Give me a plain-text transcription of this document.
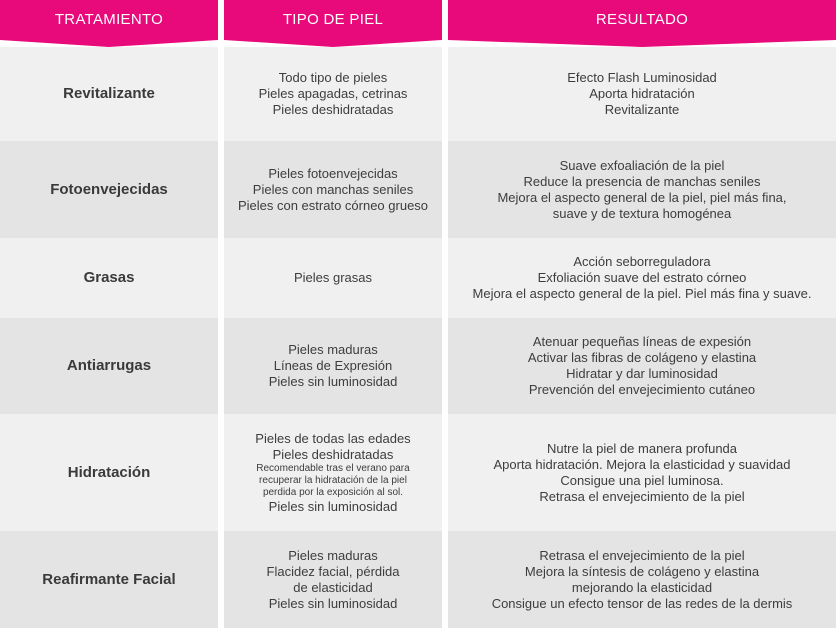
TRATAMIENTO
Revitalizante
Fotoenvejecidas
Grasas
Antiarrugas
Hidratación
Reafirmante Facial
TIPO DE PIEL
Todo tipo de pieles
Pieles apagadas, cetrinas
Pieles deshidratadas
Pieles fotoenvejecidas
Pieles con manchas seniles
Pieles con estrato córneo grueso
Pieles grasas
Pieles maduras
Líneas de Expresión
Pieles sin luminosidad
Pieles de todas las edades
Pieles deshidratadas
Recomendable tras el verano para
recuperar la hidratación de la piel
perdida por la exposición al sol.
Pieles sin luminosidad
Pieles maduras
Flacidez facial, pérdida
de elasticidad
Pieles sin luminosidad
RESULTADO
Efecto Flash Luminosidad
Aporta hidratación
Revitalizante
Suave exfoaliación de la piel
Reduce la presencia de manchas seniles
Mejora el aspecto general de la piel, piel más fina,
suave y de textura homogénea
Acción seborreguladora
Exfoliación suave del estrato córneo
Mejora el aspecto general de la piel. Piel más fina y suave.
Atenuar pequeñas líneas de expesión
Activar las fibras de colágeno y elastina
Hidratar y dar luminosidad
Prevención del envejecimiento cutáneo
Nutre la piel de manera profunda
Aporta hidratación. Mejora la elasticidad y suavidad
Consigue una piel luminosa.
Retrasa el envejecimiento de la piel
Retrasa el envejecimiento de la piel
Mejora la síntesis de colágeno y elastina
mejorando la elasticidad
Consigue un efecto tensor de las redes de la dermis
